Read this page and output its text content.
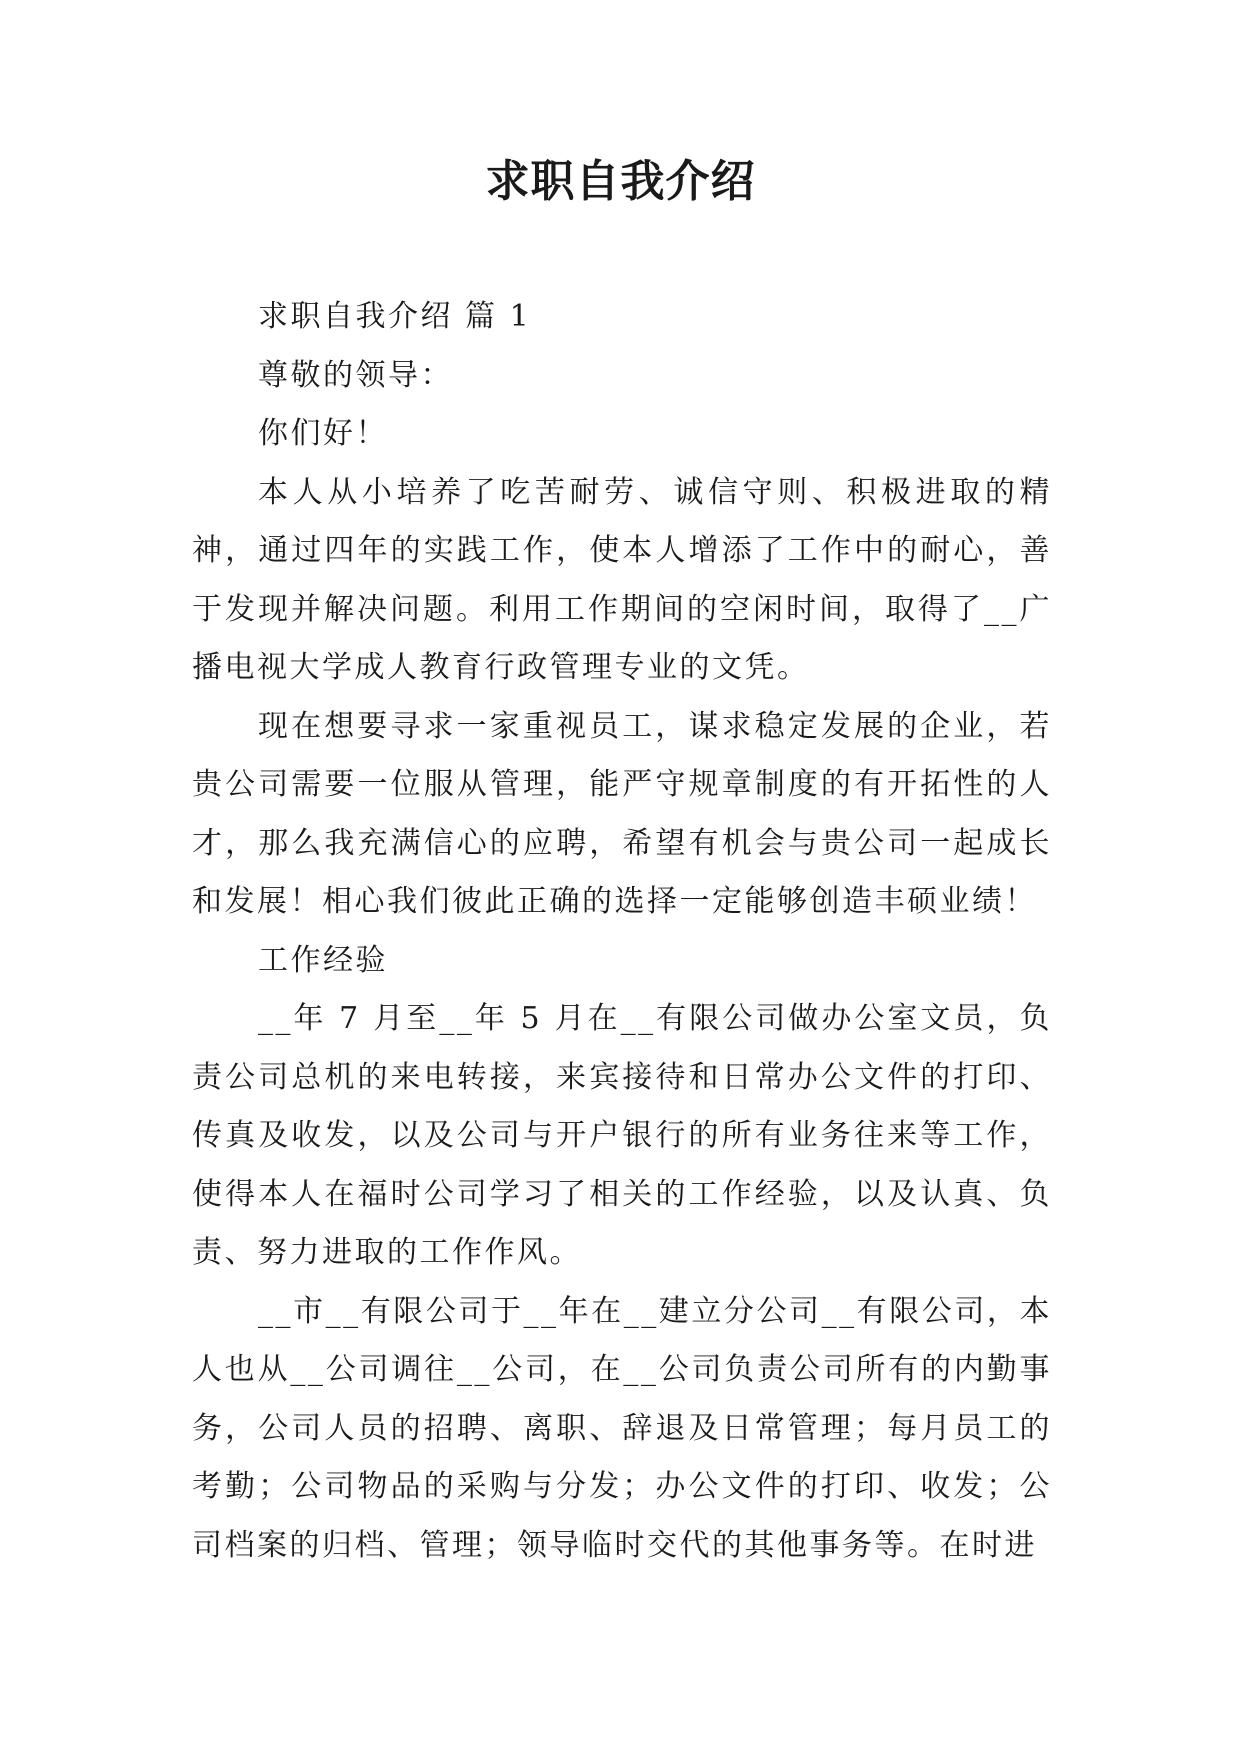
求职自我介绍

求职自我介绍 篇 1

尊敬的领导：

你们好！

本人从小培养了吃苦耐劳、诚信守则、积极进取的精神，通过四年的实践工作，使本人增添了工作中的耐心，善于发现并解决问题。利用工作期间的空闲时间，取得了__广播电视大学成人教育行政管理专业的文凭。

现在想要寻求一家重视员工，谋求稳定发展的企业，若贵公司需要一位服从管理，能严守规章制度的有开拓性的人才，那么我充满信心的应聘，希望有机会与贵公司一起成长和发展！相心我们彼此正确的选择一定能够创造丰硕业绩！

工作经验

__年 7 月至__年 5 月在__有限公司做办公室文员，负责公司总机的来电转接，来宾接待和日常办公文件的打印、传真及收发，以及公司与开户银行的所有业务往来等工作，使得本人在福时公司学习了相关的工作经验，以及认真、负责、努力进取的工作作风。

__市__有限公司于__年在__建立分公司__有限公司，本人也从__公司调往__公司，在__公司负责公司所有的内勤事务，公司人员的招聘、离职、辞退及日常管理；每月员工的考勤；公司物品的采购与分发；办公文件的打印、收发；公司档案的归档、管理；领导临时交代的其他事务等。在时进
